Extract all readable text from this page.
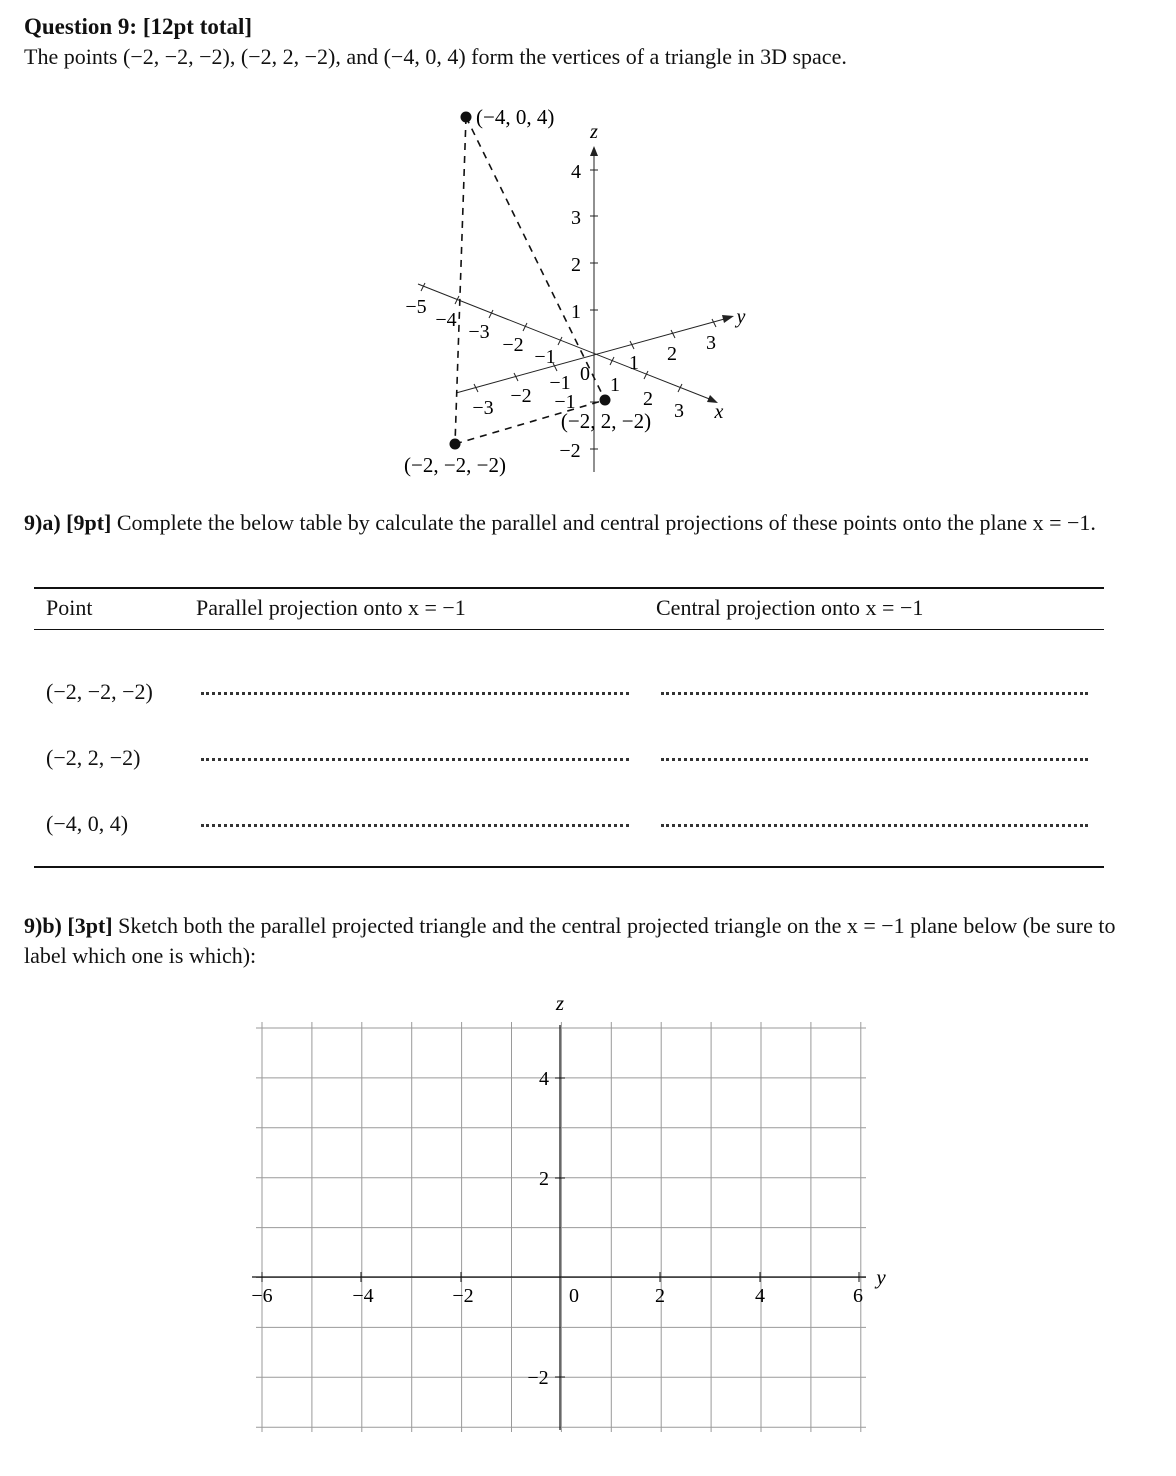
Question 9: [12pt total]
The points (−2, −2, −2), (−2, 2, −2), and (−4, 0, 4) form the vertices of a triangle in 3D space.
4
3
2
1
−1
−2
1 2 3
−1
−2
−3
1
2
3
−1
−2
−3
−4
−5
0
z
y
x
(−4, 0, 4)
(−2, 2, −2)
(−2, −2, −2)
9)a) [9pt] Complete the below table by calculate the parallel and central projections of these points onto the plane x = −1.
Point	Parallel projection onto x = −1	Central projection onto x = −1
(−2, −2, −2)
(−2, 2, −2)
(−4, 0, 4)
9)b) [3pt] Sketch both the parallel projected triangle and the central projected triangle on the x = −1 plane below (be sure to label which one is which):
−6	−4	−2	0	2	4	6
4
2
−2
y
z
